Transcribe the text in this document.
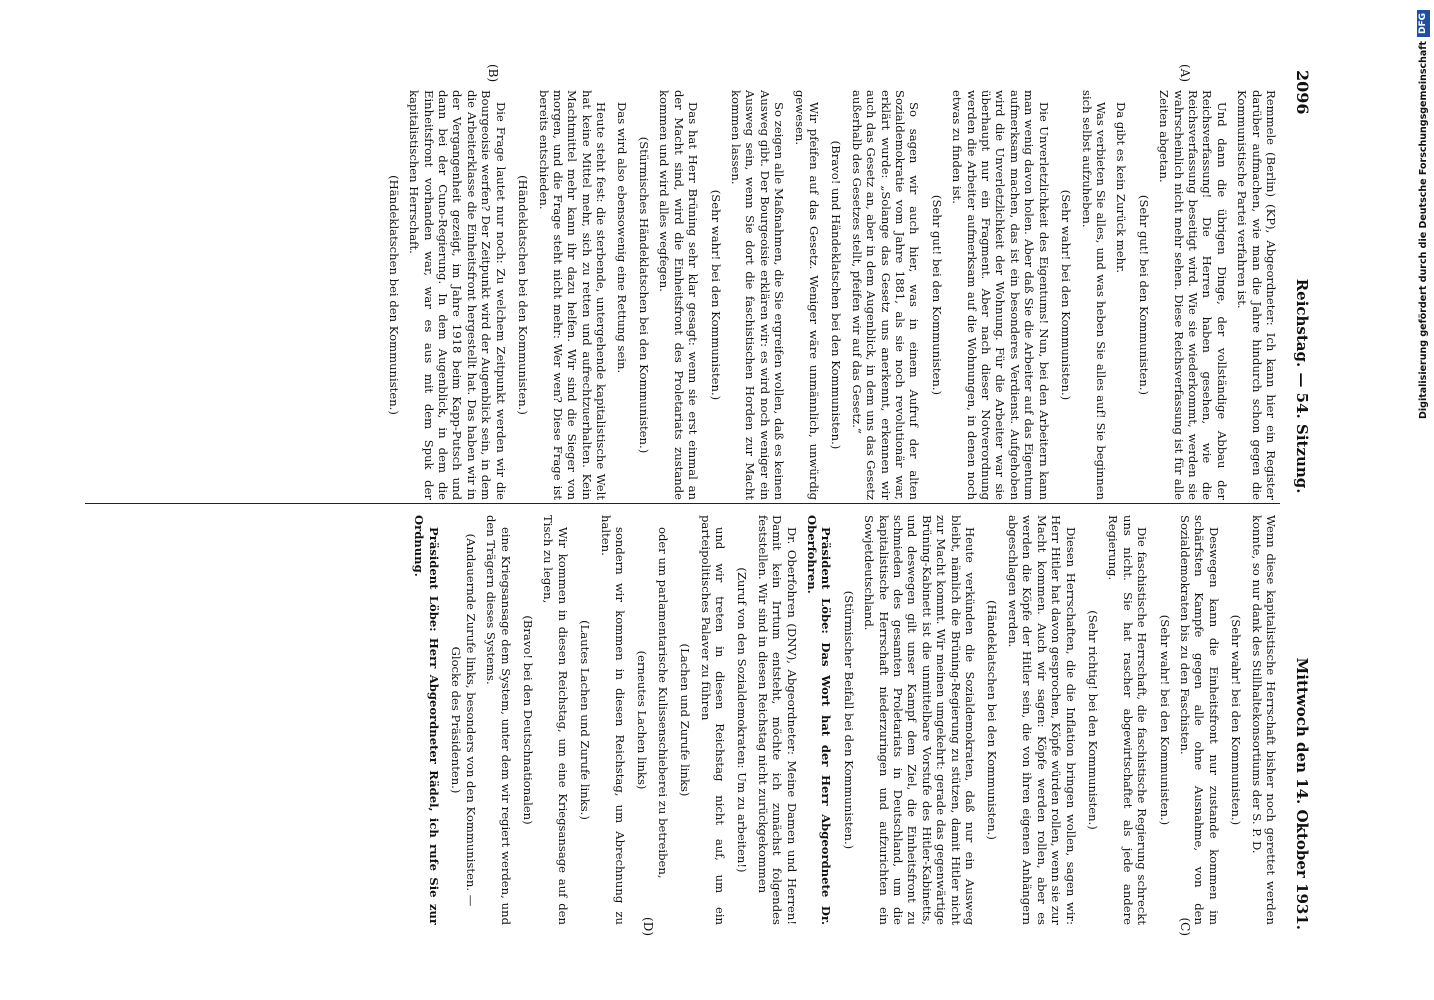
2096
Reichstag. — 54. Sitzung.
Mittwoch den 14. Oktober 1931.
(A)
(B)
(C)
(D)

Remmele (Berlin) (KP), Abgeordneter: Ich kann hier ein Register darüber aufmachen, wie man die Jahre hindurch schon gegen die Kommunistische Partei verfahren ist.

Und dann die übrigen Dinge, der vollständige Abbau der Reichsverfassung! Die Herren haben gesehen, wie die Reichsverfassung beseitigt wird. Wie sie wiederkommt, werden sie wahrscheinlich nicht mehr sehen. Diese Reichsverfassung ist für alle Zeiten abgetan.

(Sehr gut! bei den Kommunisten.)

Da gibt es kein Zurück mehr.

Was verbieten Sie alles, und was heben Sie alles auf! Sie beginnen sich selbst aufzuheben.

(Sehr wahr! bei den Kommunisten.)

Die Unverletzlichkeit des Eigentums! Nun, bei den Arbeitern kann man wenig davon holen. Aber daß Sie die Arbeiter auf das Eigentum aufmerksam machen, das ist ein besonderes Verdienst. Aufgehoben wird die Unverletzlichkeit der Wohnung. Für die Arbeiter war sie überhaupt nur ein Fragment. Aber nach dieser Notverordnung werden die Arbeiter aufmerksam auf die Wohnungen, in denen noch etwas zu finden ist.

(Sehr gut! bei den Kommunisten.)

So sagen wir auch hier, was in einem Aufruf der alten Sozialdemokratie vom Jahre 1881, als sie noch revolutionär war, erklärt wurde: „Solange das Gesetz uns anerkennt, erkennen wir auch das Gesetz an, aber in dem Augenblick, in dem uns das Gesetz außerhalb des Gesetzes stellt, pfeifen wir auf das Gesetz.“

(Bravo! und Händeklatschen bei den Kommunisten.)

Wir pfeifen auf das Gesetz. Weniger wäre unmännlich, unwürdig gewesen.

So zeigen alle Maßnahmen, die Sie ergreifen wollen, daß es keinen Ausweg gibt. Der Bourgeoisie erklären wir: es wird noch weniger ein Ausweg sein, wenn Sie dort die faschistischen Horden zur Macht kommen lassen.

(Sehr wahr! bei den Kommunisten.)

Das hat Herr Brüning sehr klar gesagt: wenn sie erst einmal an der Macht sind, wird die Einheitsfront des Proletariats zustande kommen und wird alles wegfegen.

(Stürmisches Händeklatschen bei den Kommunisten.)

Das wird also ebensowenig eine Rettung sein.

Heute steht fest: die sterbende, untergehende kapitalistische Welt hat keine Mittel mehr, sich zu retten und aufrechtzuerhalten. Kein Machtmittel mehr kann ihr dazu helfen. Wir sind die Sieger von morgen, und die Frage steht nicht mehr: Wer wen? Diese Frage ist bereits entschieden.

(Händeklatschen bei den Kommunisten.)

Die Frage lautet nur noch: Zu welchem Zeitpunkt werden wir die Bourgeoisie werfen? Der Zeitpunkt wird der Augenblick sein, in dem die Arbeiterklasse die Einheitsfront hergestellt hat. Das haben wir in der Vergangenheit gezeigt, im Jahre 1918 beim Kapp-Putsch und dann bei der Cuno-Regierung. In dem Augenblick, in dem die Einheitsfront vorhanden war, war es aus mit dem Spuk der kapitalistischen Herrschaft.

(Händeklatschen bei den Kommunisten.)

Wenn diese kapitalistische Herrschaft bisher noch gerettet werden konnte, so nur dank des Stillhaltekonsortiums der S. P. D.

(Sehr wahr! bei den Kommunisten.)

Deswegen kann die Einheitsfront nur zustande kommen im schärfsten Kampfe gegen alle ohne Ausnahme, von den Sozialdemokraten bis zu den Faschisten.

(Sehr wahr! bei den Kommunisten.)

Die faschistische Herrschaft, die faschistische Regierung schreckt uns nicht. Sie hat rascher abgewirtschaftet als jede andere Regierung.

(Sehr richtig! bei den Kommunisten.)

Diesen Herrschaften, die die Inflation bringen wollen, sagen wir: Herr Hitler hat davon gesprochen, Köpfe würden rollen, wenn sie zur Macht kommen. Auch wir sagen: Köpfe werden rollen, aber es werden die Köpfe der Hitler sein, die von ihren eigenen Anhängern abgeschlagen werden.

(Händeklatschen bei den Kommunisten.)

Heute verkünden die Sozialdemokraten, daß nur ein Ausweg bleibt, nämlich die Brüning-Regierung zu stützen, damit Hitler nicht zur Macht kommt. Wir meinen umgekehrt: gerade das gegenwärtige Brüning-Kabinett ist die unmittelbare Vorstufe des Hitler-Kabinetts, und deswegen gilt unser Kampf dem Ziel, die Einheitsfront zu schmieden des gesamten Proletariats in Deutschland, um die kapitalistische Herrschaft niederzuringen und aufzurichten ein Sowjetdeutschland.

(Stürmischer Beifall bei den Kommunisten.)

Präsident Löbe: Das Wort hat der Herr Abgeordnete Dr. Oberfohren.

Dr. Oberfohren (DNV), Abgeordneter: Meine Damen und Herren! Damit kein Irrtum entsteht, möchte ich zunächst folgendes feststellen. Wir sind in diesen Reichstag nicht zurückgekommen

(Zuruf von den Sozialdemokraten: Um zu arbeiten!)

und wir treten in diesen Reichstag nicht auf, um ein parteipolitisches Palaver zu führen

(Lachen und Zurufe links)

oder um parlamentarische Kulissenschieberei zu betreiben,

(erneutes Lachen links)

sondern wir kommen in diesen Reichstag, um Abrechnung zu halten.

(Lautes Lachen und Zurufe links.)

Wir kommen in diesen Reichstag, um eine Kriegsansage auf den Tisch zu legen,

(Bravo! bei den Deutschnationalen)

eine Kriegsansage dem System, unter dem wir regiert werden, und den Trägern dieses Systems.

(Andauernde Zurufe links, besonders von den Kommunisten. — Glocke des Präsidenten.)

Präsident Löbe: Herr Abgeordneter Rädel, ich rufe Sie zur Ordnung.

Digitalisierung gefördert durch die Deutsche Forschungsgemeinschaft
DFG
